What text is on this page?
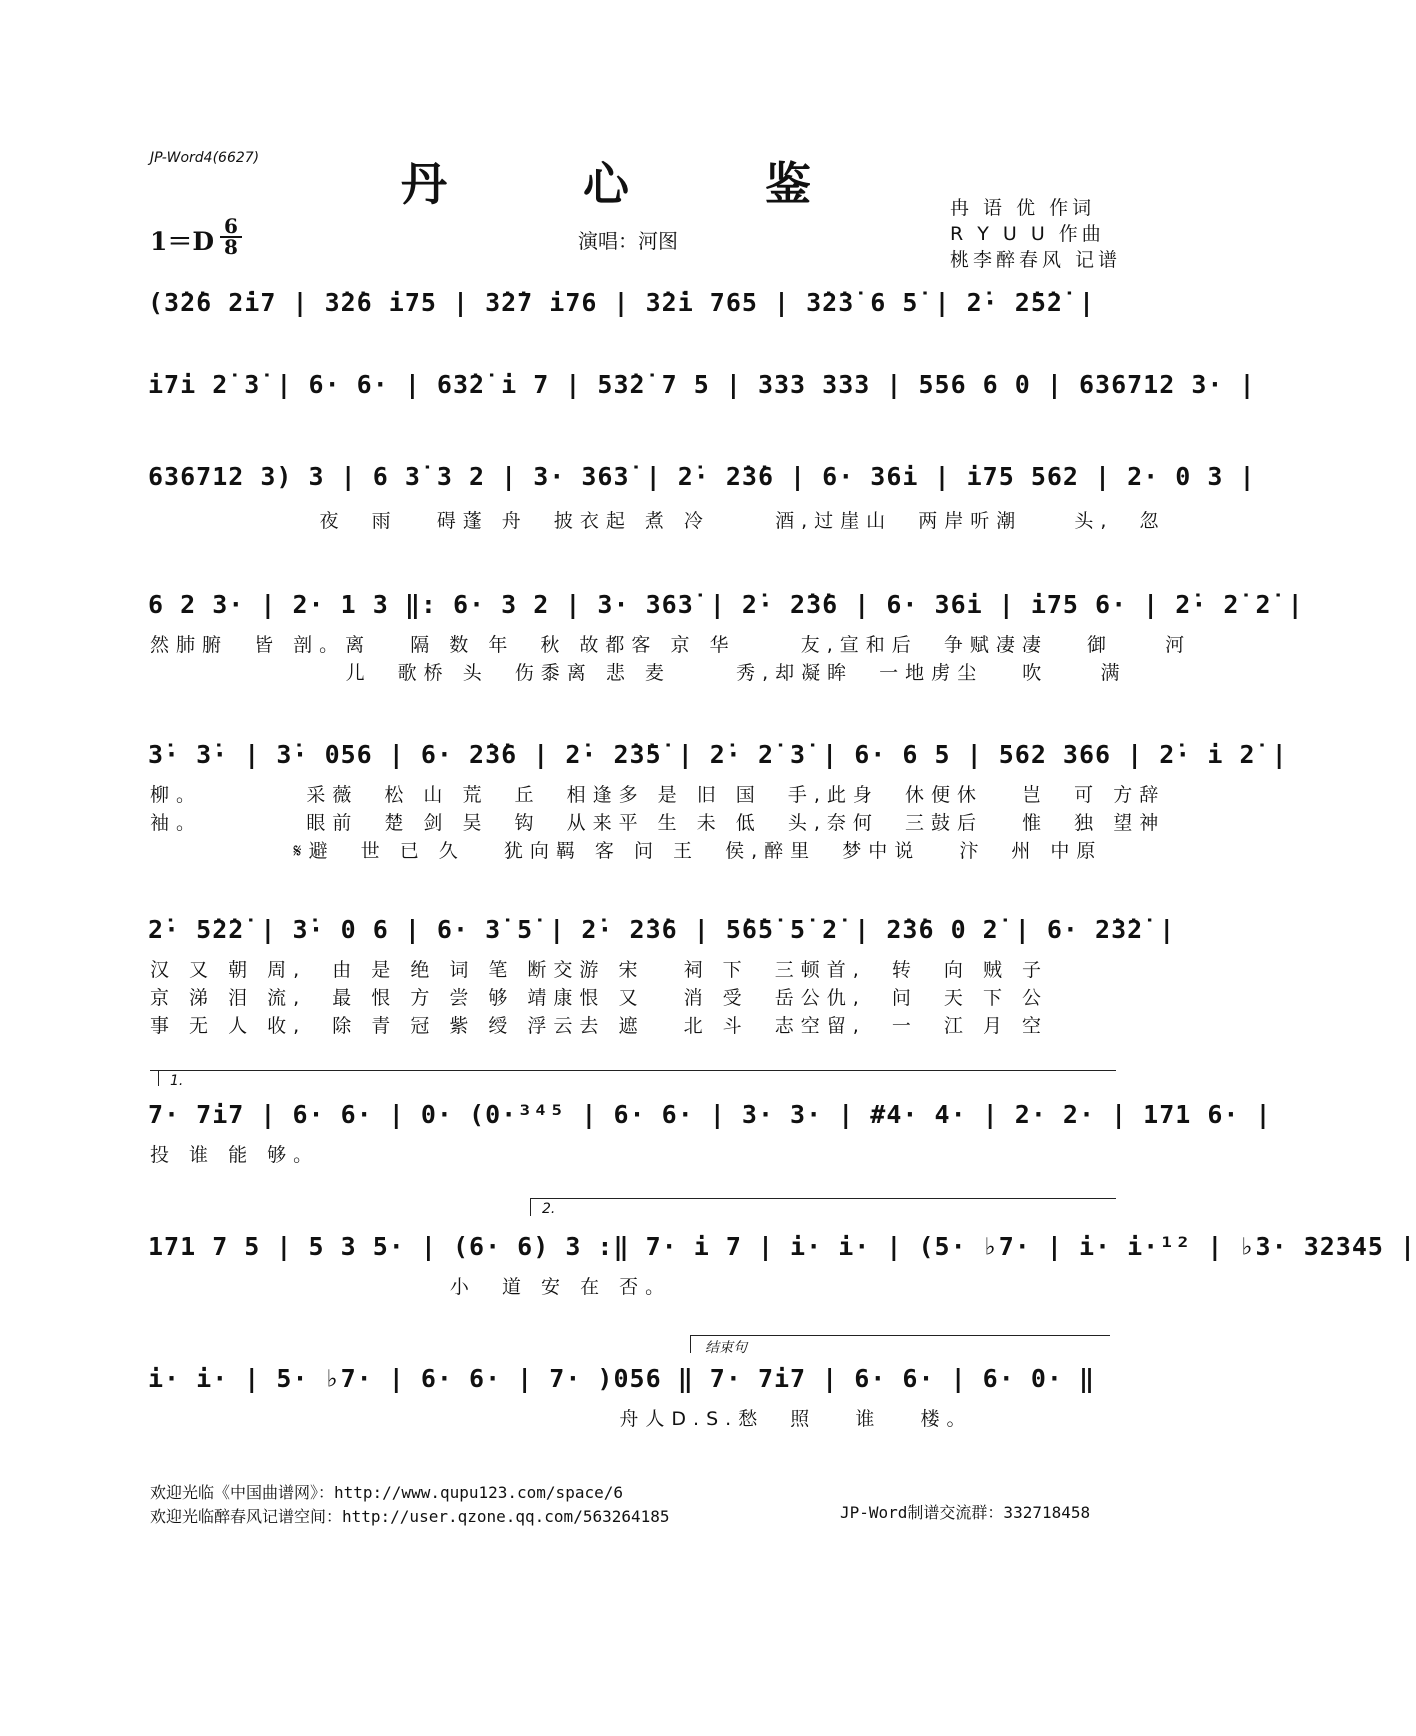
JP-Word4(6627)	丹 心 鉴	冉 语 优 作词
R Y U U 作曲
桃李醉春风 记谱
1＝D
6
8	演唱：河图
(3̇2̇6 2̇i7 | 3̇2̇6 i75 | 3̇2̇7 i76 | 3̇2̇i 765 | 3̇2̇3̇ 6 5̇ | 2̇· 2̇5̇2̇ |
i7i 2̇ 3̇ | 6· 6· | 63̇2̇ i 7 | 53̇2̇ 7 5 | 333 333 | 556 6 0 | 636712 3· |
636712 3) 3 | 6 3̇ 3 2 | 3· 363̇ | 2̇· 2̇3̇6 | 6· 36i | i75 562 | 2· 0 3 |
夜  雨   碍蓬 舟  披衣起 煮 冷     酒,过崖山  两岸听潮    头,  忽
6 2 3· | 2· 1 3 ‖: 6· 3 2 | 3· 363̇ | 2̇· 2̇3̇6 | 6· 36i | i75 6· | 2̇· 2̇ 2̇ |
然肺腑  皆 剖。离   隔 数 年  秋 故都客 京 华     友,宣和后  争赋凄凄   御    河
儿  歌桥 头  伤黍离 悲 麦     秀,却凝眸  一地虏尘   吹    满
3̇· 3̇· | 3̇· 056 | 6· 2̇3̇6 | 2̇· 2̇3̇5̇ | 2̇· 2̇ 3̇ | 6· 6 5 | 562 366 | 2̇· i 2̇ |
柳。        采薇  松 山 荒  丘  相逢多 是 旧 国  手,此身  休便休   岂  可 方辞
袖。        眼前  楚 剑 吴  钩  从来平 生 未 低  头,奈何  三鼓后   惟  独 望神
𝄋避  世 已 久   犹向羁 客 问 王  侯,醉里  梦中说   汴  州 中原
2̇· 5̇2̇2̇ | 3̇· 0 6 | 6· 3̇ 5̇ | 2̇· 2̇3̇6 | 5̇6̇5̇ 5̇ 2̇ | 2̇3̇6 0 2̇ | 6· 2̇3̇2̇ |
汉 又 朝 周,  由 是 绝 词 笔 断交游 宋   祠 下  三顿首,  转  向 贼 子
京 涕 泪 流,  最 恨 方 尝 够 靖康恨 又   消 受  岳公仇,  问  天 下 公
事 无 人 收,  除 青 冠 紫 绶 浮云去 遮   北 斗  志空留,  一  江 月 空
1.
7· 7i7 | 6· 6· | 0· (0·³⁴⁵ | 6· 6· | 3· 3· | #4· 4· | 2· 2· | 171 6· |
投 谁 能 够。
2.
171 7 5 | 5 3 5· | (6· 6) 3 :‖ 7· i 7 | i· i· | (5· ♭7· | i· i·¹² | ♭3· 32345 |
小  道 安 在 否。
结束句
i· i· | 5· ♭7· | 6· 6· | 7· )056 ‖ 7· 7i7 | 6· 6· | 6· 0· ‖
舟人D.S.愁  照   谁   楼。
欢迎光临《中国曲谱网》：http://www.qupu123.com/space/6
欢迎光临醉春风记谱空间：http://user.qzone.qq.com/563264185	JP-Word制谱交流群：332718458
